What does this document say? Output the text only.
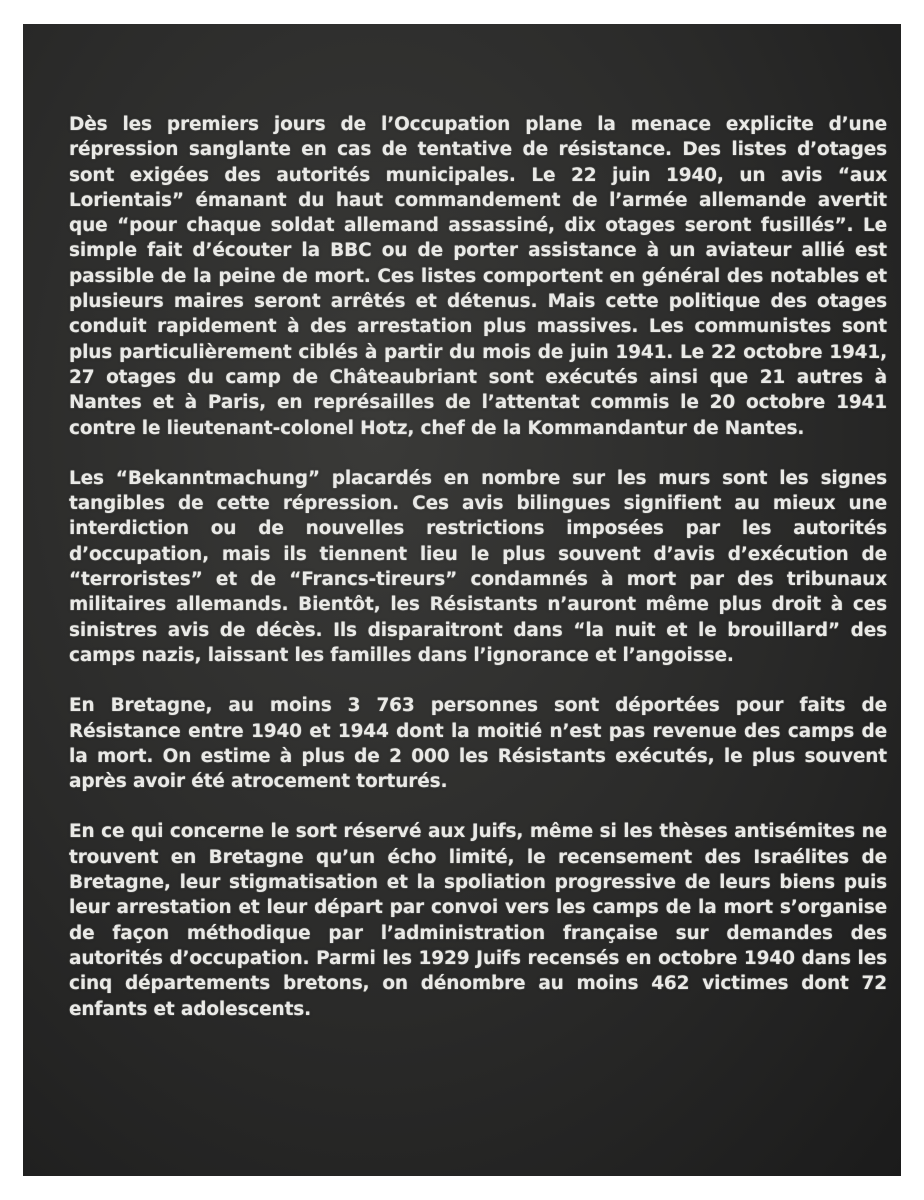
Dès les premiers jours de l’Occupation plane la menace explicite d’une répression sanglante en cas de tentative de résistance. Des listes d’otages sont exigées des autorités municipales. Le 22 juin 1940, un avis “aux Lorientais” émanant du haut commandement de l’armée allemande avertit que “pour chaque soldat allemand assassiné, dix otages seront fusillés”. Le simple fait d’écouter la BBC ou de porter assistance à un aviateur allié est passible de la peine de mort. Ces listes comportent en général des notables et plusieurs maires seront arrêtés et détenus. Mais cette politique des otages conduit rapidement à des arrestation plus massives. Les communistes sont plus particulièrement ciblés à partir du mois de juin 1941. Le 22 octobre 1941, 27 otages du camp de Châteaubriant sont exécutés ainsi que 21 autres à Nantes et à Paris, en représailles de l’attentat commis le 20 octobre 1941 contre le lieutenant-colonel Hotz, chef de la Kommandantur de Nantes.

Les “Bekanntmachung” placardés en nombre sur les murs sont les signes tangibles de cette répression. Ces avis bilingues signifient au mieux une interdiction ou de nouvelles restrictions imposées par les autorités d’occupation, mais ils tiennent lieu le plus souvent d’avis d’exécution de “terroristes” et de “Francs-tireurs” condamnés à mort par des tribunaux militaires allemands. Bientôt, les Résistants n’auront même plus droit à ces sinistres avis de décès. Ils disparaitront dans “la nuit et le brouillard” des camps nazis, laissant les familles dans l’ignorance et l’angoisse.

En Bretagne, au moins 3 763 personnes sont déportées pour faits de Résistance entre 1940 et 1944 dont la moitié n’est pas revenue des camps de la mort. On estime à plus de 2 000 les Résistants exécutés, le plus souvent après avoir été atrocement torturés.

En ce qui concerne le sort réservé aux Juifs, même si les thèses antisémites ne trouvent en Bretagne qu’un écho limité, le recensement des Israélites de Bretagne, leur stigmatisation et la spoliation progressive de leurs biens puis leur arrestation et leur départ par convoi vers les camps de la mort s’organise de façon méthodique par l’administration française sur demandes des autorités d’occupation. Parmi les 1929 Juifs recensés en octobre 1940 dans les cinq départements bretons, on dénombre au moins 462 victimes dont 72 enfants et adolescents.
